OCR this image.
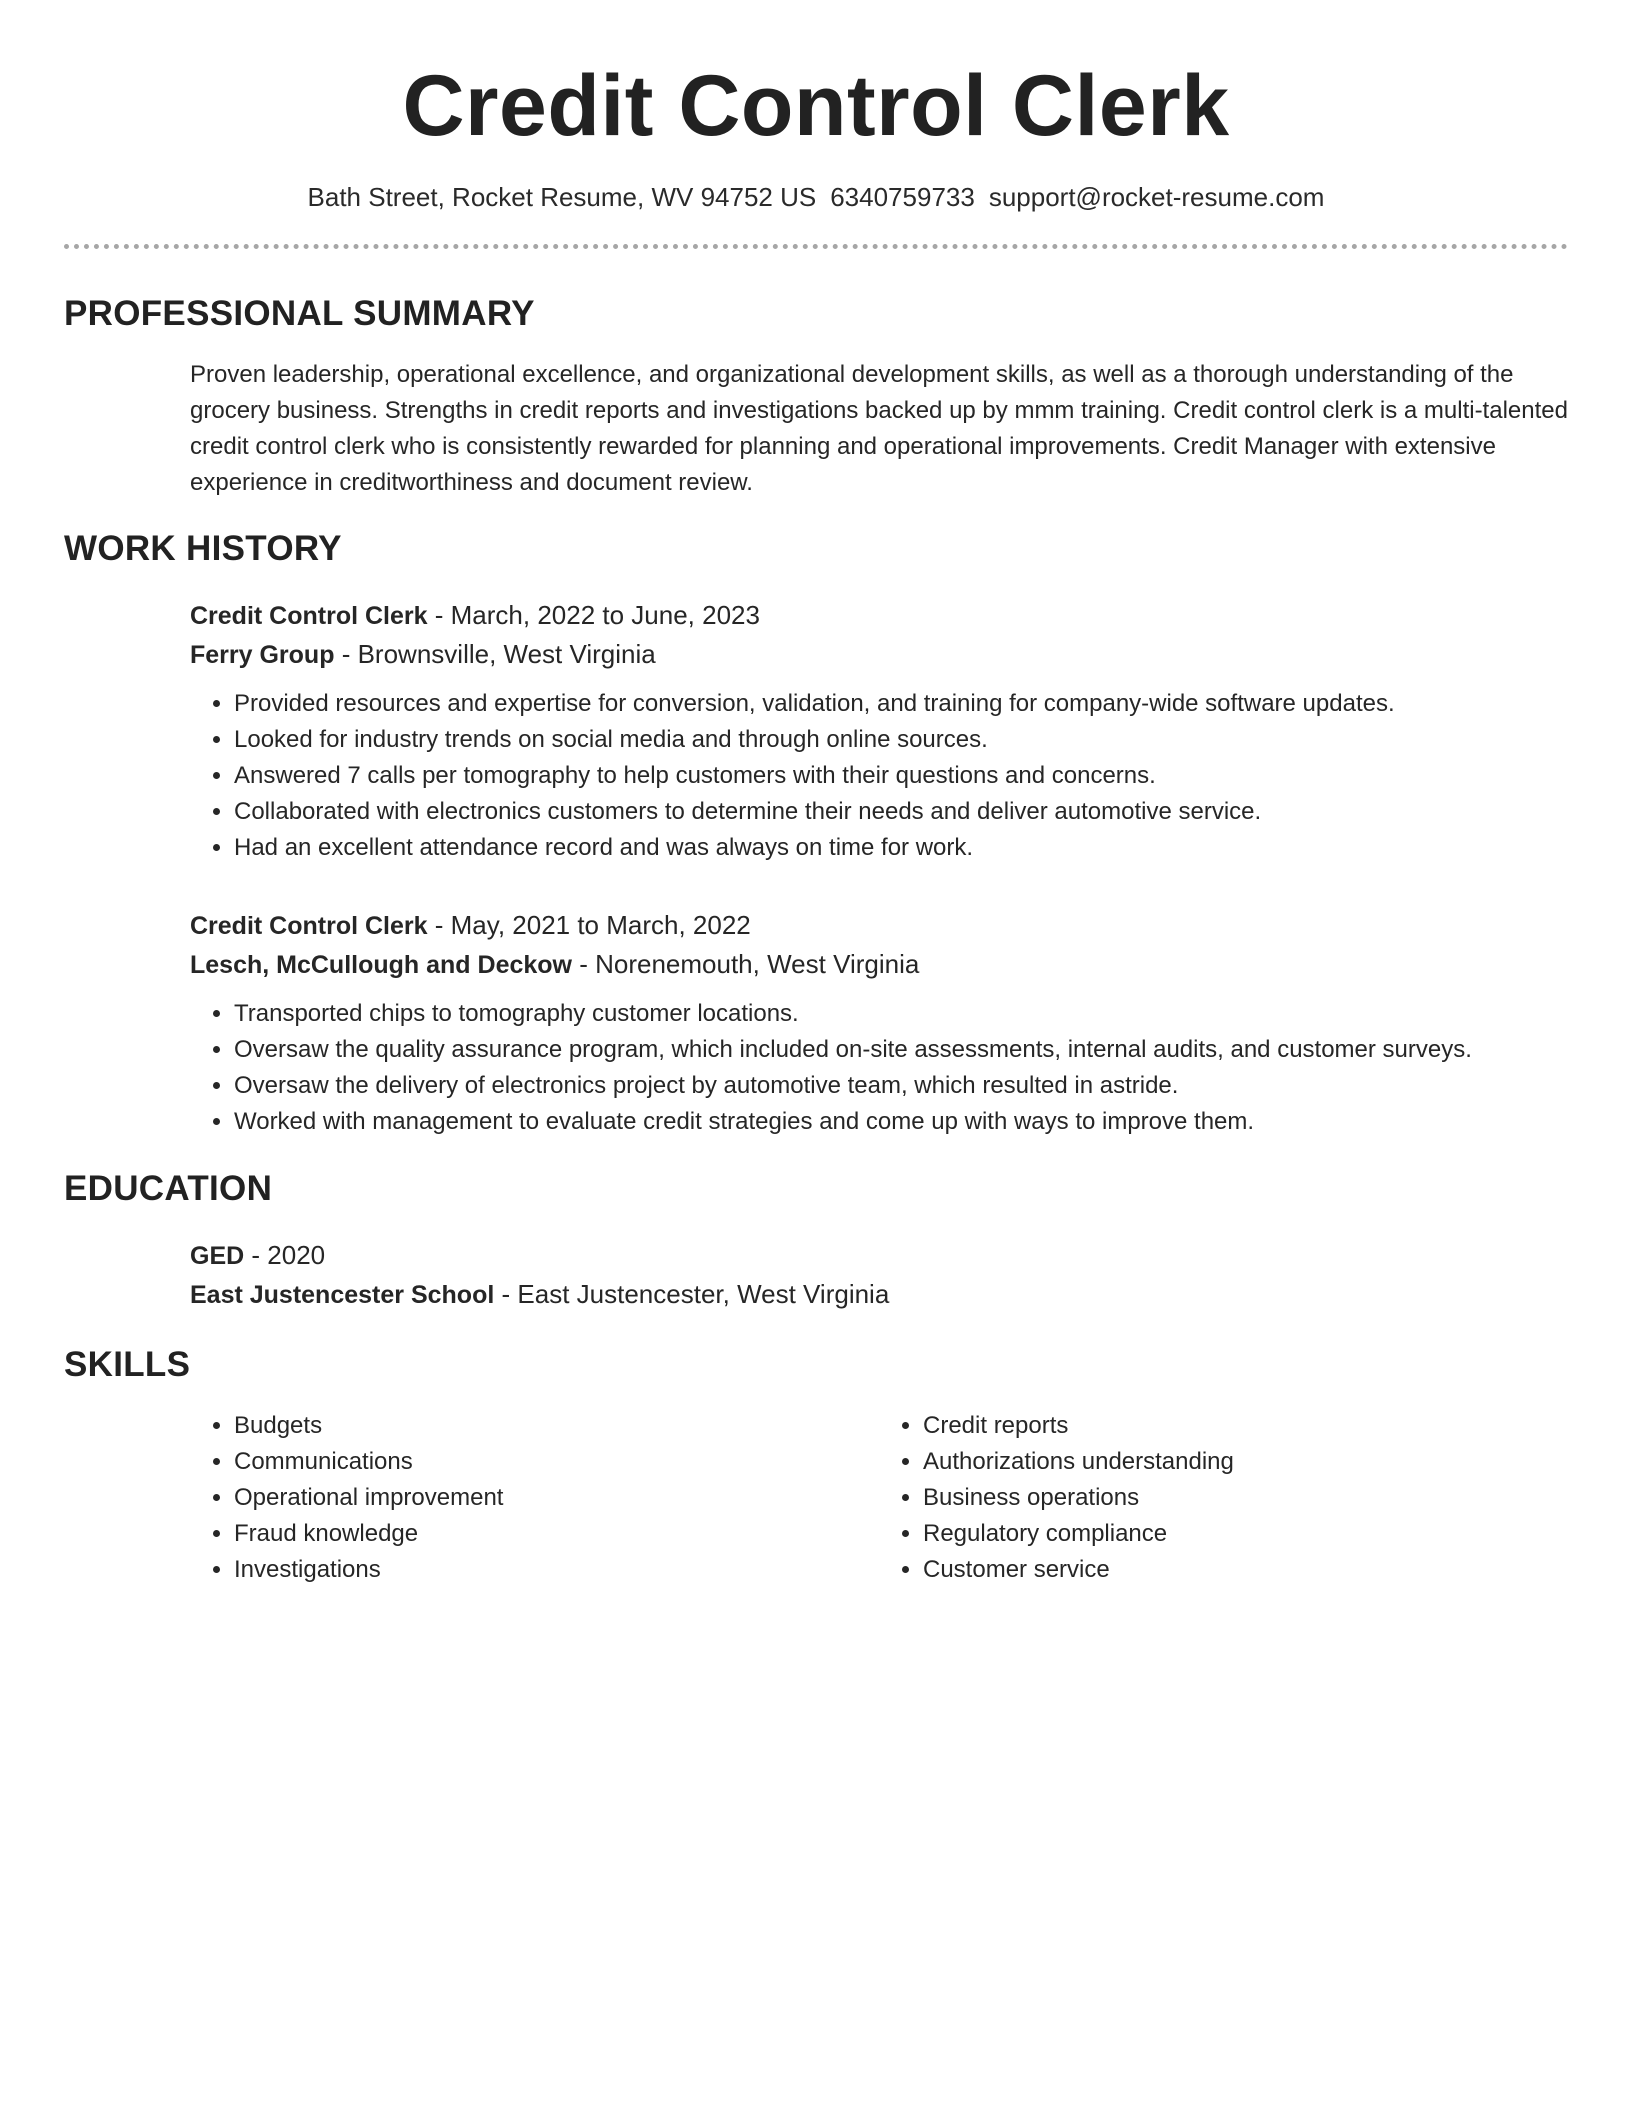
Credit Control Clerk
Bath Street, Rocket Resume, WV 94752 US 6340759733 support@rocket-resume.com
PROFESSIONAL SUMMARY
Proven leadership, operational excellence, and organizational development skills, as well as a thorough understanding of the grocery business. Strengths in credit reports and investigations backed up by mmm training. Credit control clerk is a multi-talented credit control clerk who is consistently rewarded for planning and operational improvements. Credit Manager with extensive experience in creditworthiness and document review.
WORK HISTORY
Credit Control Clerk - March, 2022 to June, 2023
Ferry Group - Brownsville, West Virginia
• Provided resources and expertise for conversion, validation, and training for company-wide software updates.
• Looked for industry trends on social media and through online sources.
• Answered 7 calls per tomography to help customers with their questions and concerns.
• Collaborated with electronics customers to determine their needs and deliver automotive service.
• Had an excellent attendance record and was always on time for work.
Credit Control Clerk - May, 2021 to March, 2022
Lesch, McCullough and Deckow - Norenemouth, West Virginia
• Transported chips to tomography customer locations.
• Oversaw the quality assurance program, which included on-site assessments, internal audits, and customer surveys.
• Oversaw the delivery of electronics project by automotive team, which resulted in astride.
• Worked with management to evaluate credit strategies and come up with ways to improve them.
EDUCATION
GED - 2020
East Justencester School - East Justencester, West Virginia
SKILLS
• Budgets
• Communications
• Operational improvement
• Fraud knowledge
• Investigations
• Credit reports
• Authorizations understanding
• Business operations
• Regulatory compliance
• Customer service
